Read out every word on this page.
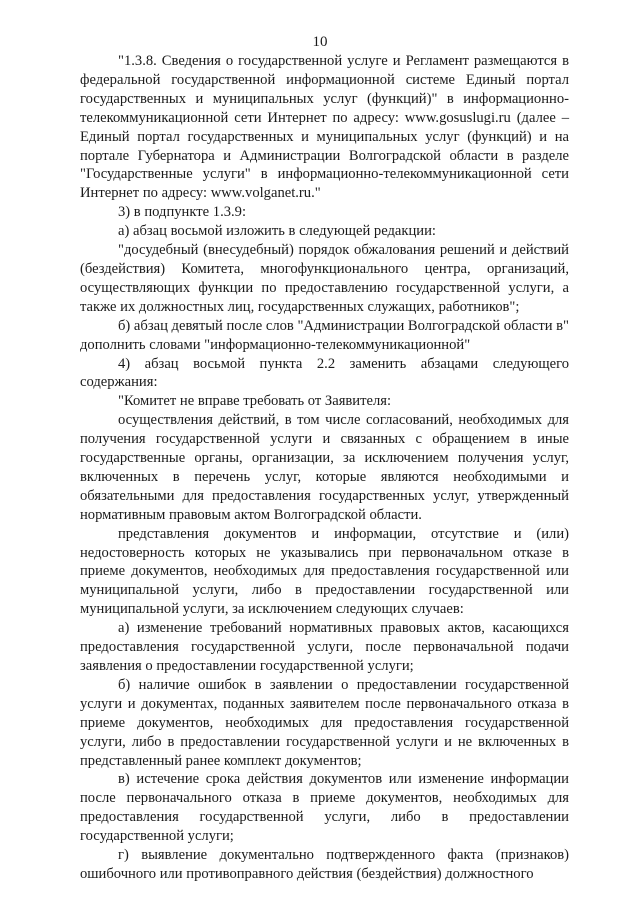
10

"1.3.8. Сведения о государственной услуге и Регламент размещаются в федеральной государственной информационной системе Единый портал государственных и муниципальных услуг (функций)" в информационно-телекоммуникационной сети Интернет по адресу: www.gosuslugi.ru (далее – Единый портал государственных и муниципальных услуг (функций) и на портале Губернатора и Администрации Волгоградской области в разделе "Государственные услуги" в информационно-телекоммуникационной сети Интернет по адресу: www.volganet.ru."

3) в подпункте 1.3.9:

а) абзац восьмой изложить в следующей редакции:

"досудебный (внесудебный) порядок обжалования решений и действий (бездействия) Комитета, многофункционального центра, организаций, осуществляющих функции по предоставлению государственной услуги, а также их должностных лиц, государственных служащих, работников";

б) абзац девятый после слов "Администрации Волгоградской области в" дополнить словами "информационно-телекоммуникационной"

4) абзац восьмой пункта 2.2 заменить абзацами следующего содержания:

"Комитет не вправе требовать от Заявителя:

осуществления действий, в том числе согласований, необходимых для получения государственной услуги и связанных с обращением в иные государственные органы, организации, за исключением получения услуг, включенных в перечень услуг, которые являются необходимыми и обязательными для предоставления государственных услуг, утвержденный нормативным правовым актом Волгоградской области.

представления документов и информации, отсутствие и (или) недостоверность которых не указывались при первоначальном отказе в приеме документов, необходимых для предоставления государственной или муниципальной услуги, либо в предоставлении государственной или муниципальной услуги, за исключением следующих случаев:

а) изменение требований нормативных правовых актов, касающихся предоставления государственной услуги, после первоначальной подачи заявления о предоставлении государственной услуги;

б) наличие ошибок в заявлении о предоставлении государственной услуги и документах, поданных заявителем после первоначального отказа в приеме документов, необходимых для предоставления государственной услуги, либо в предоставлении государственной услуги и не включенных в представленный ранее комплект документов;

в) истечение срока действия документов или изменение информации после первоначального отказа в приеме документов, необходимых для предоставления государственной услуги, либо в предоставлении государственной услуги;

г) выявление документально подтвержденного факта (признаков) ошибочного или противоправного действия (бездействия) должностного
